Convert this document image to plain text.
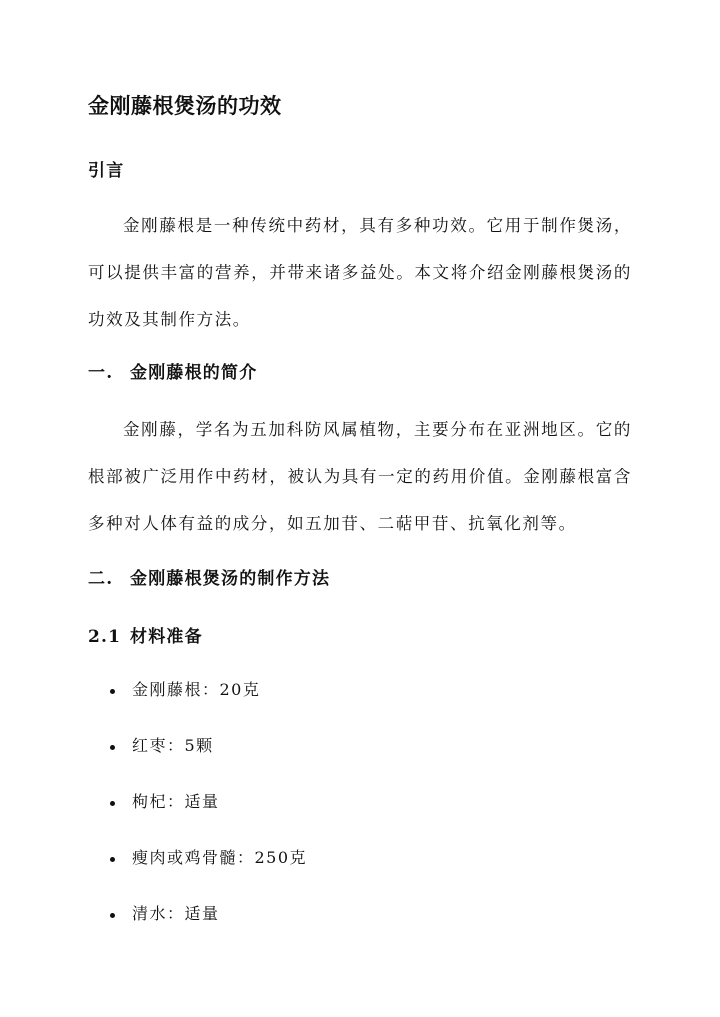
金刚藤根煲汤的功效
引言

金刚藤根是一种传统中药材，具有多种功效。它用于制作煲汤，可以提供丰富的营养，并带来诸多益处。本文将介绍金刚藤根煲汤的功效及其制作方法。

一. 金刚藤根的简介

金刚藤，学名为五加科防风属植物，主要分布在亚洲地区。它的根部被广泛用作中药材，被认为具有一定的药用价值。金刚藤根富含多种对人体有益的成分，如五加苷、二萜甲苷、抗氧化剂等。

二. 金刚藤根煲汤的制作方法
2.1 材料准备
金刚藤根：20克
红枣：5颗
枸杞：适量
瘦肉或鸡骨髓：250克
清水：适量
